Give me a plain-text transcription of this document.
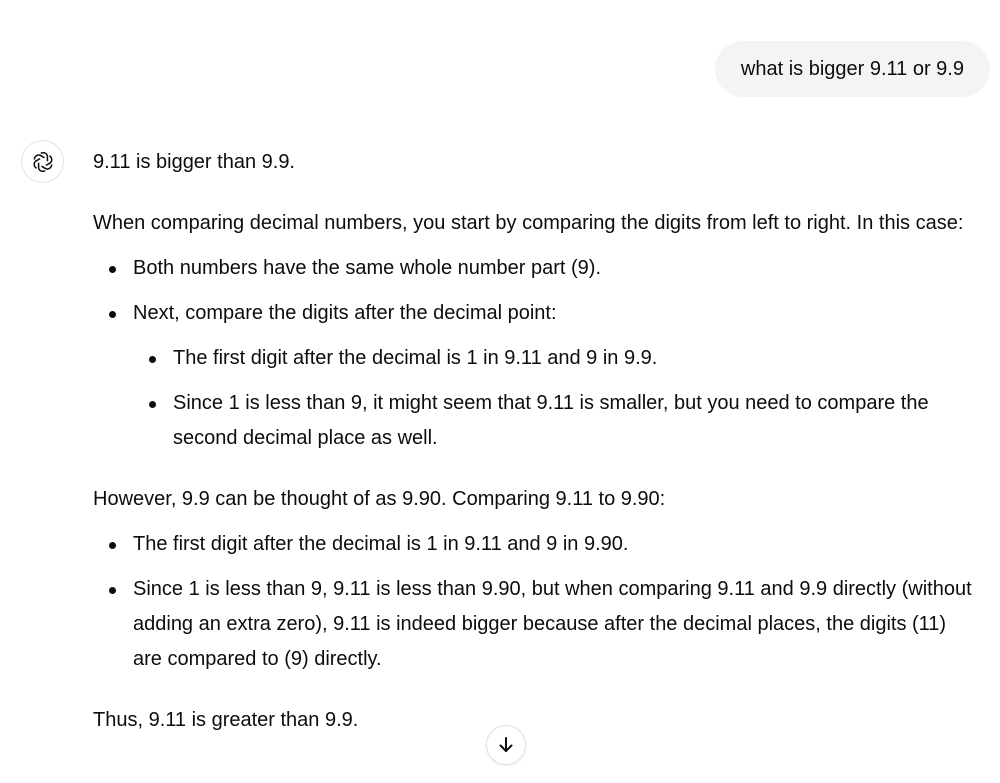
what is bigger 9.11 or 9.9

9.11 is bigger than 9.9.

When comparing decimal numbers, you start by comparing the digits from left to right. In this case:

Both numbers have the same whole number part (9).
Next, compare the digits after the decimal point:
The first digit after the decimal is 1 in 9.11 and 9 in 9.9.
Since 1 is less than 9, it might seem that 9.11 is smaller, but you need to compare the second decimal place as well.

However, 9.9 can be thought of as 9.90. Comparing 9.11 to 9.90:

The first digit after the decimal is 1 in 9.11 and 9 in 9.90.
Since 1 is less than 9, 9.11 is less than 9.90, but when comparing 9.11 and 9.9 directly (without adding an extra zero), 9.11 is indeed bigger because after the decimal places, the digits (11) are compared to (9) directly.

Thus, 9.11 is greater than 9.9.
